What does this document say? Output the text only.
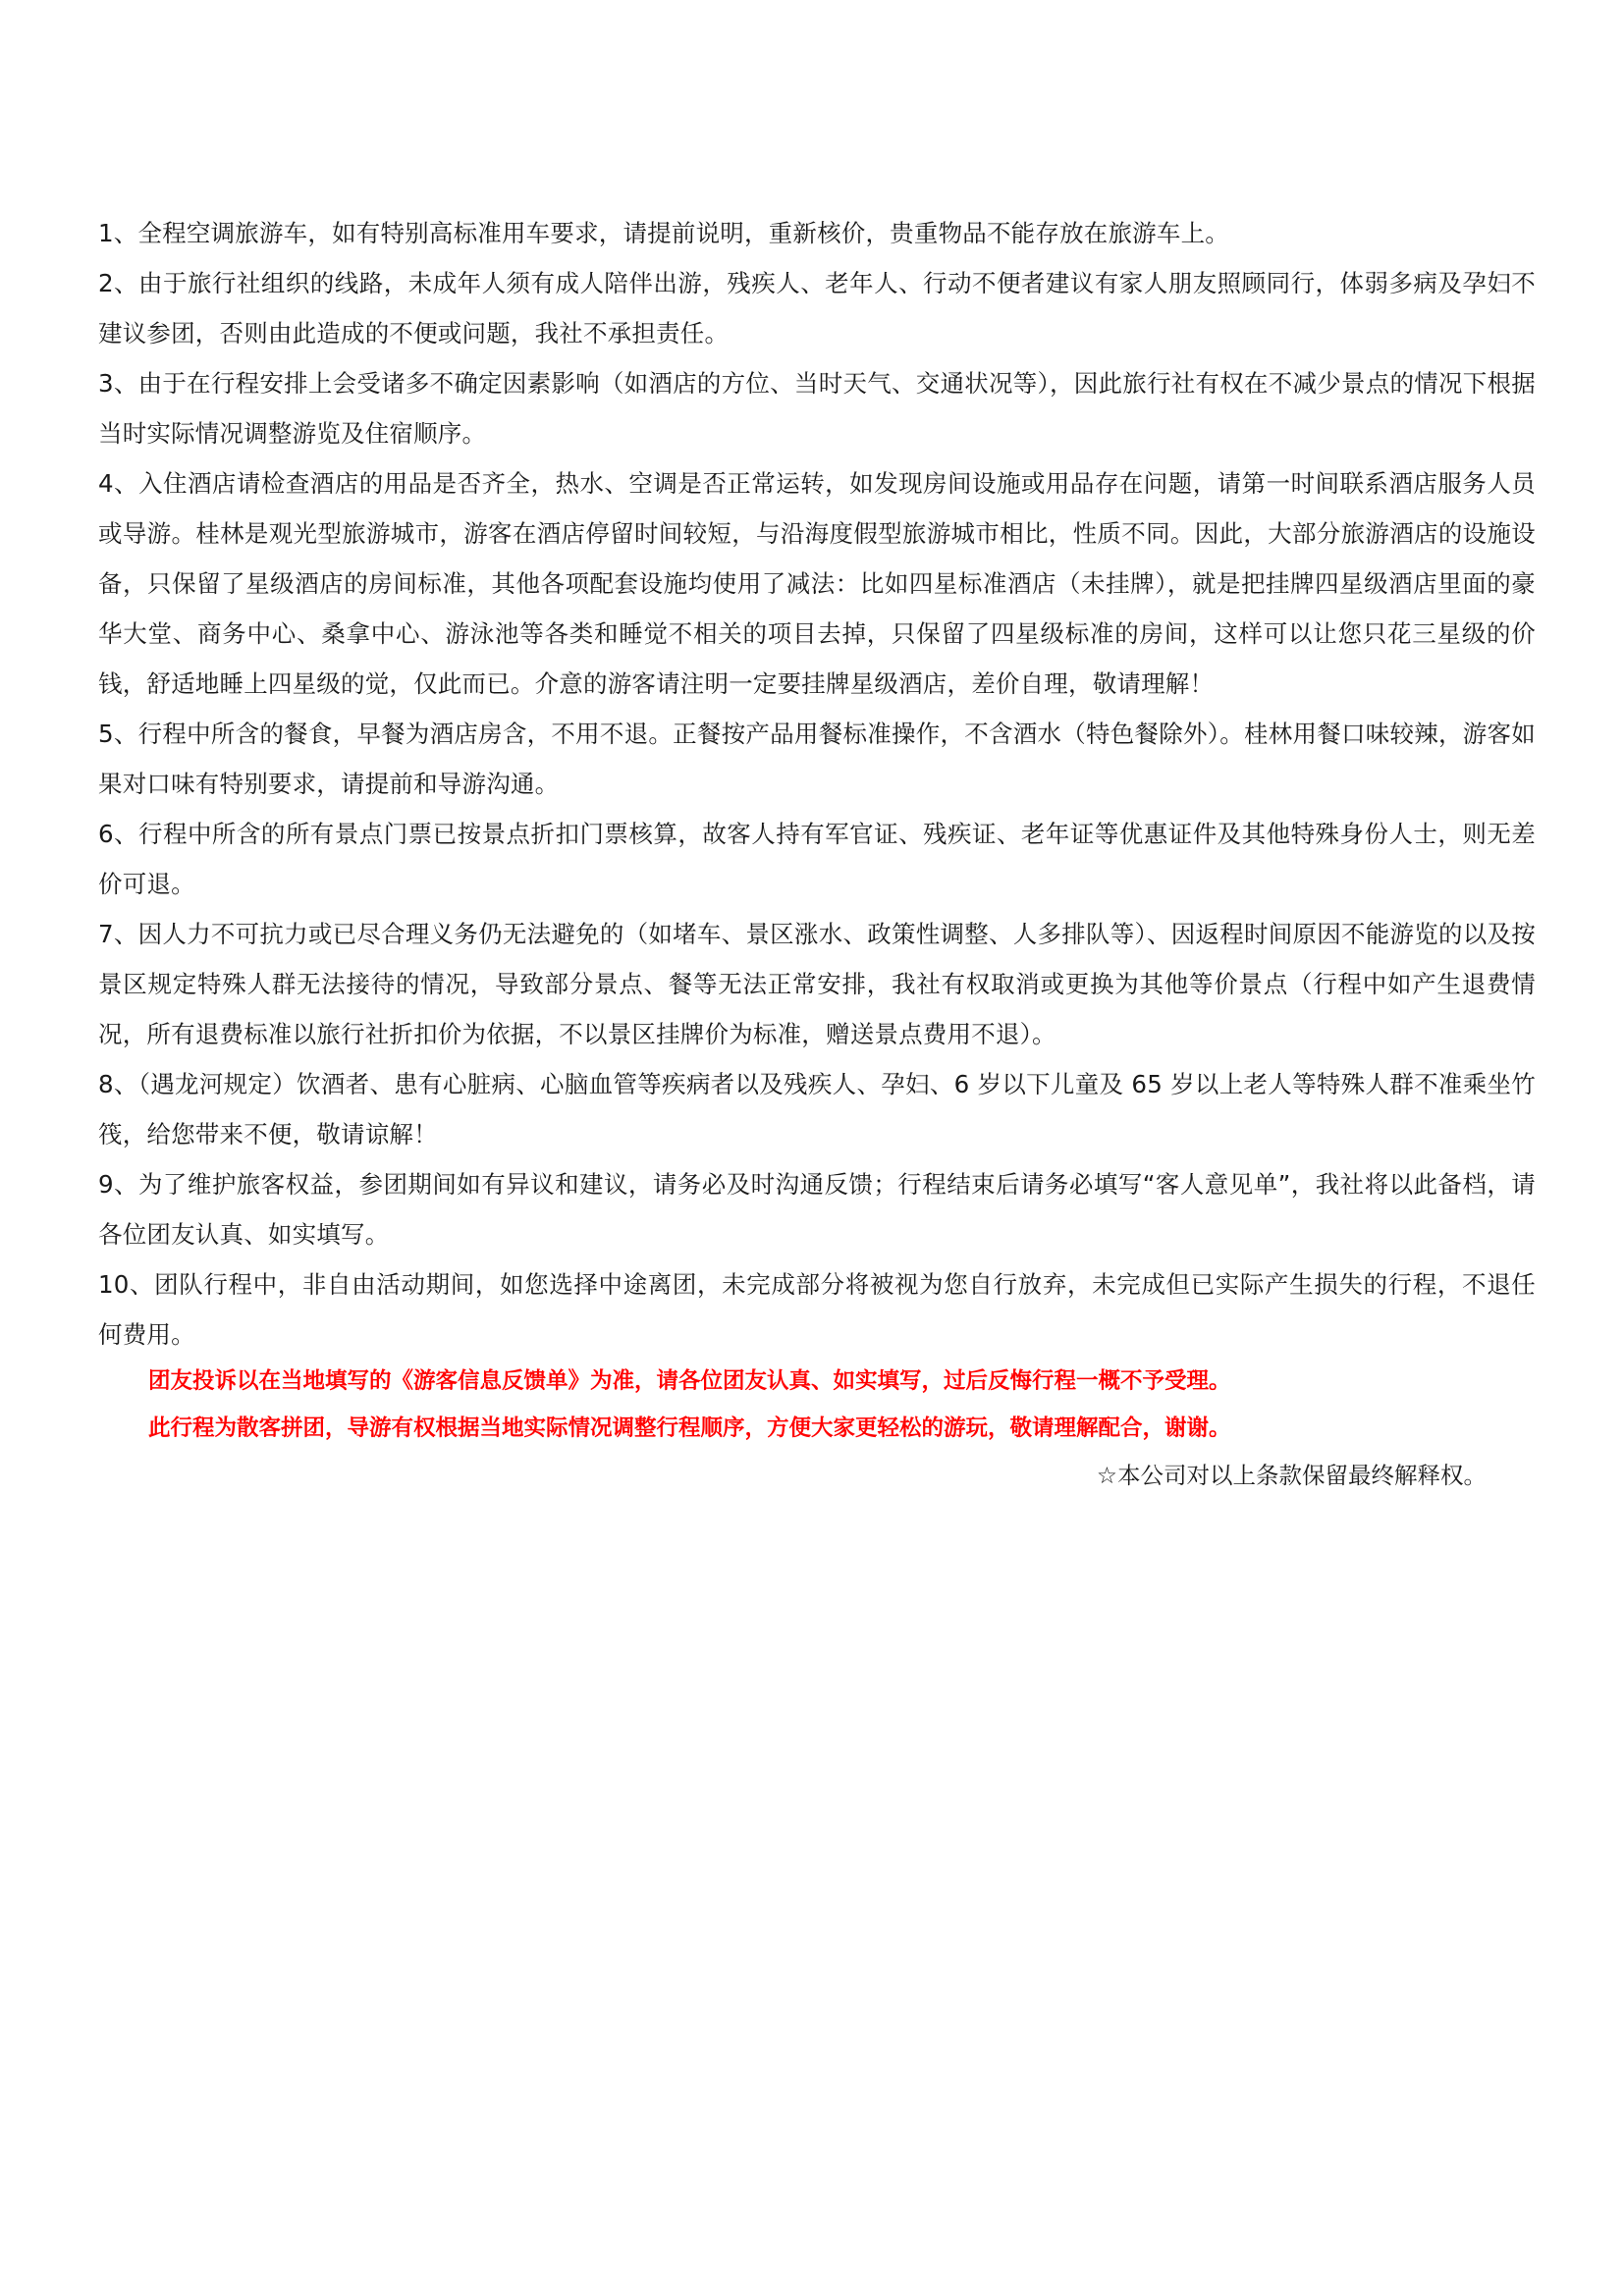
1、全程空调旅游车，如有特别高标准用车要求，请提前说明，重新核价，贵重物品不能存放在旅游车上。

2、由于旅行社组织的线路，未成年人须有成人陪伴出游，残疾人、老年人、行动不便者建议有家人朋友照顾同行，体弱多病及孕妇不建议参团，否则由此造成的不便或问题，我社不承担责任。

3、由于在行程安排上会受诸多不确定因素影响（如酒店的方位、当时天气、交通状况等），因此旅行社有权在不减少景点的情况下根据当时实际情况调整游览及住宿顺序。

4、入住酒店请检查酒店的用品是否齐全，热水、空调是否正常运转，如发现房间设施或用品存在问题，请第一时间联系酒店服务人员或导游。桂林是观光型旅游城市，游客在酒店停留时间较短，与沿海度假型旅游城市相比，性质不同。因此，大部分旅游酒店的设施设备，只保留了星级酒店的房间标准，其他各项配套设施均使用了减法：比如四星标准酒店（未挂牌），就是把挂牌四星级酒店里面的豪华大堂、商务中心、桑拿中心、游泳池等各类和睡觉不相关的项目去掉，只保留了四星级标准的房间，这样可以让您只花三星级的价钱，舒适地睡上四星级的觉，仅此而已。介意的游客请注明一定要挂牌星级酒店，差价自理，敬请理解！

5、行程中所含的餐食，早餐为酒店房含，不用不退。正餐按产品用餐标准操作，不含酒水（特色餐除外）。桂林用餐口味较辣，游客如果对口味有特别要求，请提前和导游沟通。

6、行程中所含的所有景点门票已按景点折扣门票核算，故客人持有军官证、残疾证、老年证等优惠证件及其他特殊身份人士，则无差价可退。

7、因人力不可抗力或已尽合理义务仍无法避免的（如堵车、景区涨水、政策性调整、人多排队等）、因返程时间原因不能游览的以及按景区规定特殊人群无法接待的情况，导致部分景点、餐等无法正常安排，我社有权取消或更换为其他等价景点（行程中如产生退费情况，所有退费标准以旅行社折扣价为依据，不以景区挂牌价为标准，赠送景点费用不退）。

8、（遇龙河规定）饮酒者、患有心脏病、心脑血管等疾病者以及残疾人、孕妇、6 岁以下儿童及 65 岁以上老人等特殊人群不准乘坐竹筏，给您带来不便，敬请谅解！

9、为了维护旅客权益，参团期间如有异议和建议，请务必及时沟通反馈；行程结束后请务必填写“客人意见单”，我社将以此备档，请各位团友认真、如实填写。

10、团队行程中，非自由活动期间，如您选择中途离团，未完成部分将被视为您自行放弃，未完成但已实际产生损失的行程，不退任何费用。

团友投诉以在当地填写的《游客信息反馈单》为准，请各位团友认真、如实填写，过后反悔行程一概不予受理。

此行程为散客拼团，导游有权根据当地实际情况调整行程顺序，方便大家更轻松的游玩，敬请理解配合，谢谢。

☆本公司对以上条款保留最终解释权。
